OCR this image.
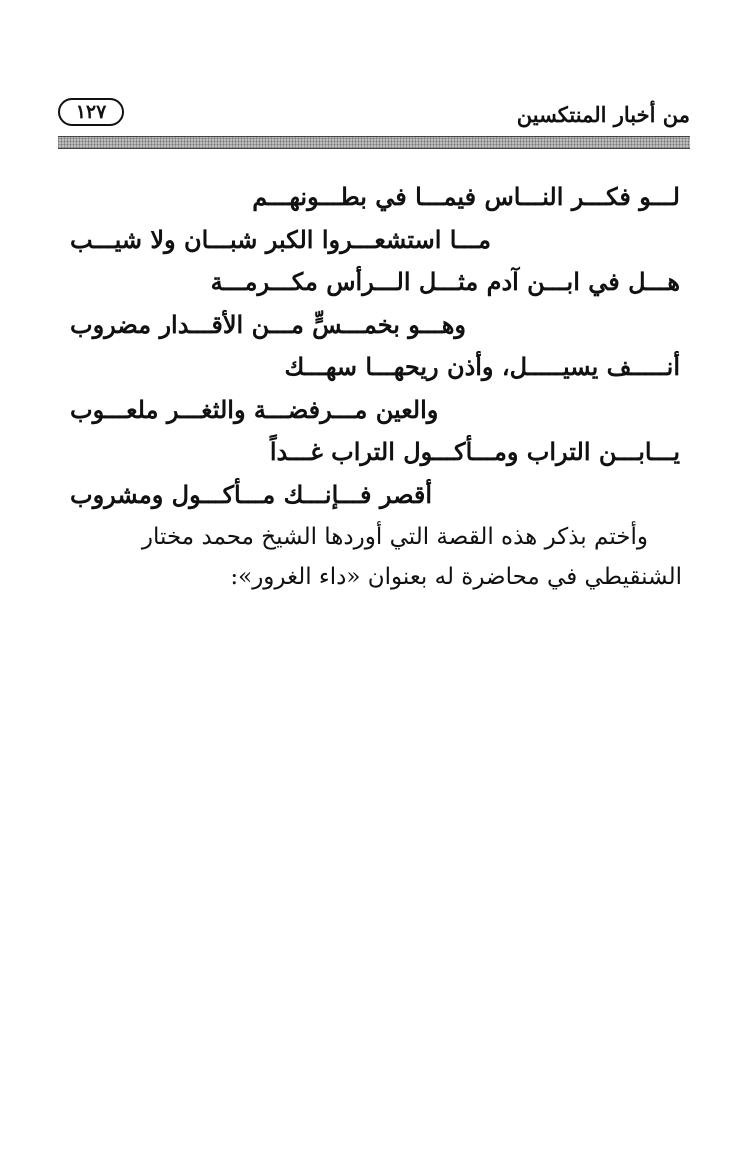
من أخبار المنتكسين
١٢٧
لـــو فكـــر النـــاس فيمـــا في بطـــونهـــم
مـــا استشعـــروا الكبر شبـــان ولا شيـــب
هـــل في ابـــن آدم مثـــل الـــرأس مكـــرمـــة
وهـــو بخمـــسٍّ مـــن الأقـــدار مضروب
أنـــــف يسيـــــل، وأذن ريحهـــا سهـــك
والعين مـــرفضـــة والثغـــر ملعـــوب
يـــابـــن التراب ومـــأكـــول التراب غـــداً
أقصر فـــإنـــك مـــأكـــول ومشروب
وأختم بذكر هذه القصة التي أوردها الشيخ محمد مختار
الشنقيطي في محاضرة له بعنوان «داء الغرور»:
